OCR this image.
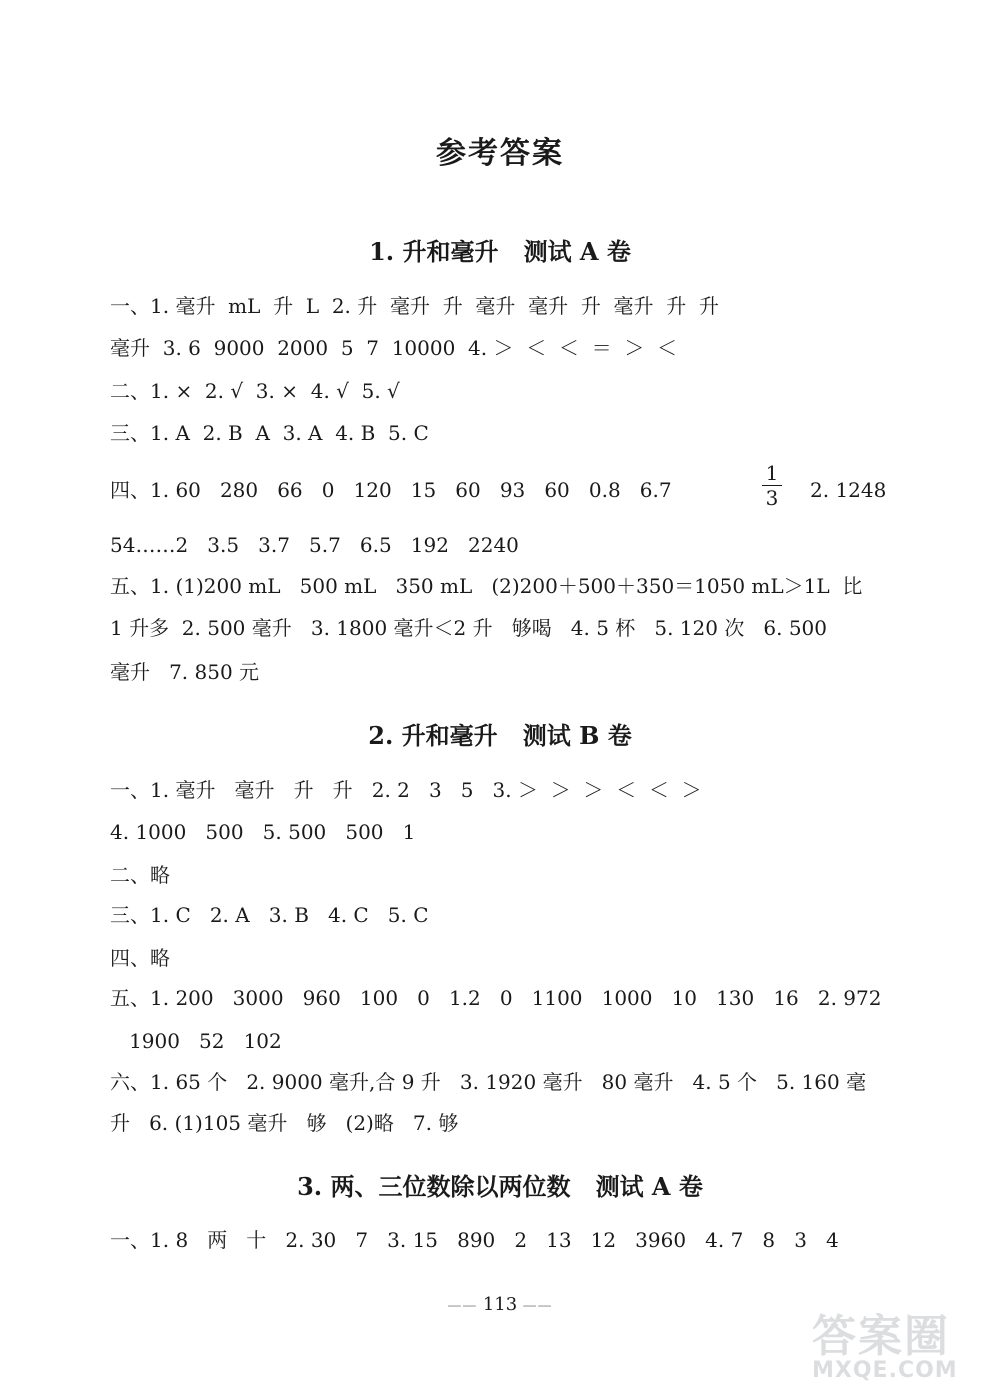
参考答案
1. 升和毫升   测试 A 卷
一、1. 毫升  mL  升  L  2. 升  毫升  升  毫升  毫升  升  毫升  升  升
毫升  3. 6  9000  2000  5  7  10000  4. ＞  ＜  ＜  ＝  ＞  ＜
二、1. ×  2. √  3. ×  4. √  5. √
三、1. A  2. B  A  3. A  4. B  5. C
四、1. 60   280   66   0   120   15   60   93   60   0.8   6.7
1
3 2. 1248
54……2   3.5   3.7   5.7   6.5   192   2240
五、1. (1)200 mL   500 mL   350 mL   (2)200＋500＋350＝1050 mL＞1L  比
1 升多  2. 500 毫升   3. 1800 毫升＜2 升   够喝   4. 5 杯   5. 120 次   6. 500
毫升   7. 850 元
2. 升和毫升   测试 B 卷
一、1. 毫升   毫升   升   升   2. 2   3   5   3. ＞  ＞  ＞  ＜  ＜  ＞
4. 1000   500   5. 500   500   1
二、略
三、1. C   2. A   3. B   4. C   5. C
四、略
五、1. 200   3000   960   100   0   1.2   0   1100   1000   10   130   16   2. 972
1900   52   102
六、1. 65 个   2. 9000 毫升,合 9 升   3. 1920 毫升   80 毫升   4. 5 个   5. 160 毫
升   6. (1)105 毫升   够   (2)略   7. 够
3. 两、三位数除以两位数   测试 A 卷
一、1. 8   两   十   2. 30   7   3. 15   890   2   13   12   3960   4. 7   8   3   4
—— 113 ——
答案圈
MXQE.COM
